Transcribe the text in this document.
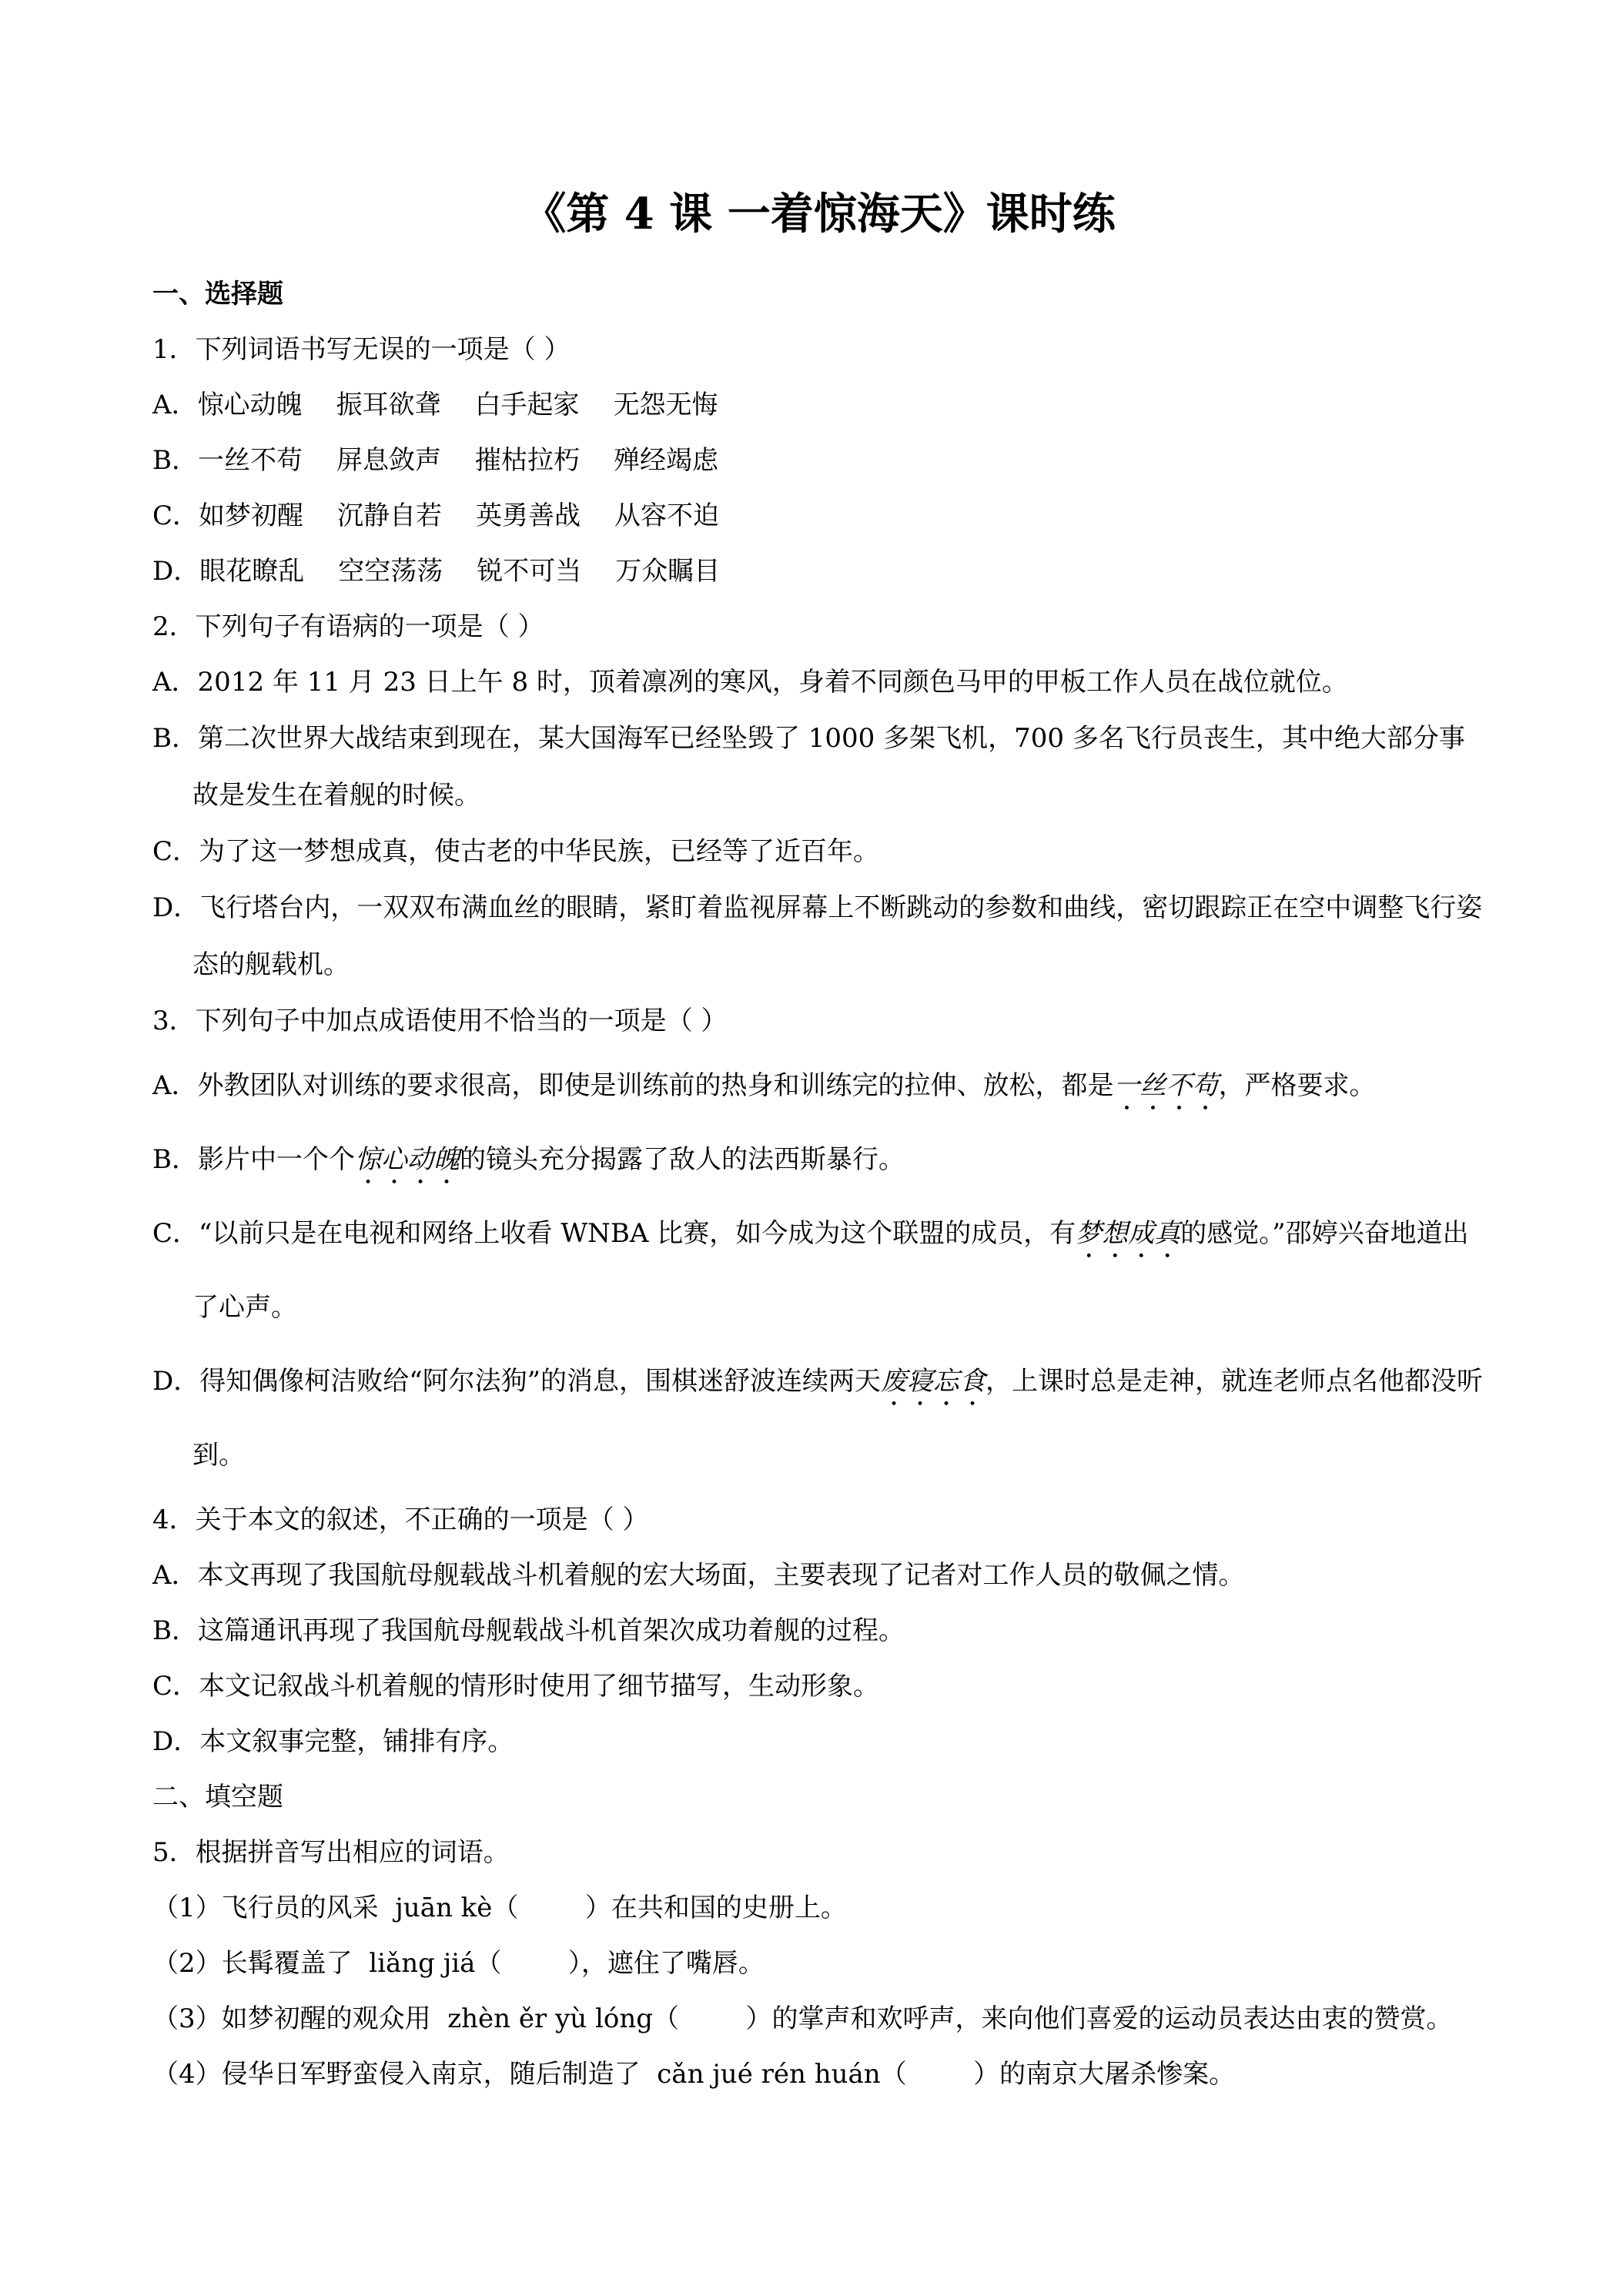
《第 4 课 一着惊海天》课时练
一、选择题
1．下列词语书写无误的一项是（ ）
A．惊心动魄 振耳欲聋 白手起家 无怨无悔
B．一丝不苟 屏息敛声 摧枯拉朽 殚经竭虑
C．如梦初醒 沉静自若 英勇善战 从容不迫
D．眼花瞭乱 空空荡荡 锐不可当 万众瞩目
2．下列句子有语病的一项是（ ）
A．2012 年 11 月 23 日上午 8 时，顶着凛冽的寒风，身着不同颜色马甲的甲板工作人员在战位就位。
B．第二次世界大战结束到现在，某大国海军已经坠毁了 1000 多架飞机，700 多名飞行员丧生，其中绝大部分事故是发生在着舰的时候。
C．为了这一梦想成真，使古老的中华民族，已经等了近百年。
D．飞行塔台内，一双双布满血丝的眼睛，紧盯着监视屏幕上不断跳动的参数和曲线，密切跟踪正在空中调整飞行姿态的舰载机。
3．下列句子中加点成语使用不恰当的一项是（ ）
A．外教团队对训练的要求很高，即使是训练前的热身和训练完的拉伸、放松，都是一丝不苟，严格要求。
B．影片中一个个惊心动魄的镜头充分揭露了敌人的法西斯暴行。
C．“以前只是在电视和网络上收看 WNBA 比赛，如今成为这个联盟的成员，有梦想成真的感觉。”邵婷兴奋地道出了心声。
D．得知偶像柯洁败给“阿尔法狗”的消息，围棋迷舒波连续两天废寝忘食，上课时总是走神，就连老师点名他都没听到。
4．关于本文的叙述，不正确的一项是（ ）
A．本文再现了我国航母舰载战斗机着舰的宏大场面，主要表现了记者对工作人员的敬佩之情。
B．这篇通讯再现了我国航母舰载战斗机首架次成功着舰的过程。
C．本文记叙战斗机着舰的情形时使用了细节描写，生动形象。
D．本文叙事完整，铺排有序。
二、填空题
5．根据拼音写出相应的词语。
（1）飞行员的风采  juān kè（        ）在共和国的史册上。
（2）长髯覆盖了  liǎng jiá（        ），遮住了嘴唇。
（3）如梦初醒的观众用  zhèn ěr yù lóng（        ）的掌声和欢呼声，来向他们喜爱的运动员表达由衷的赞赏。
（4）侵华日军野蛮侵入南京，随后制造了  cǎn jué rén huán（        ）的南京大屠杀惨案。
